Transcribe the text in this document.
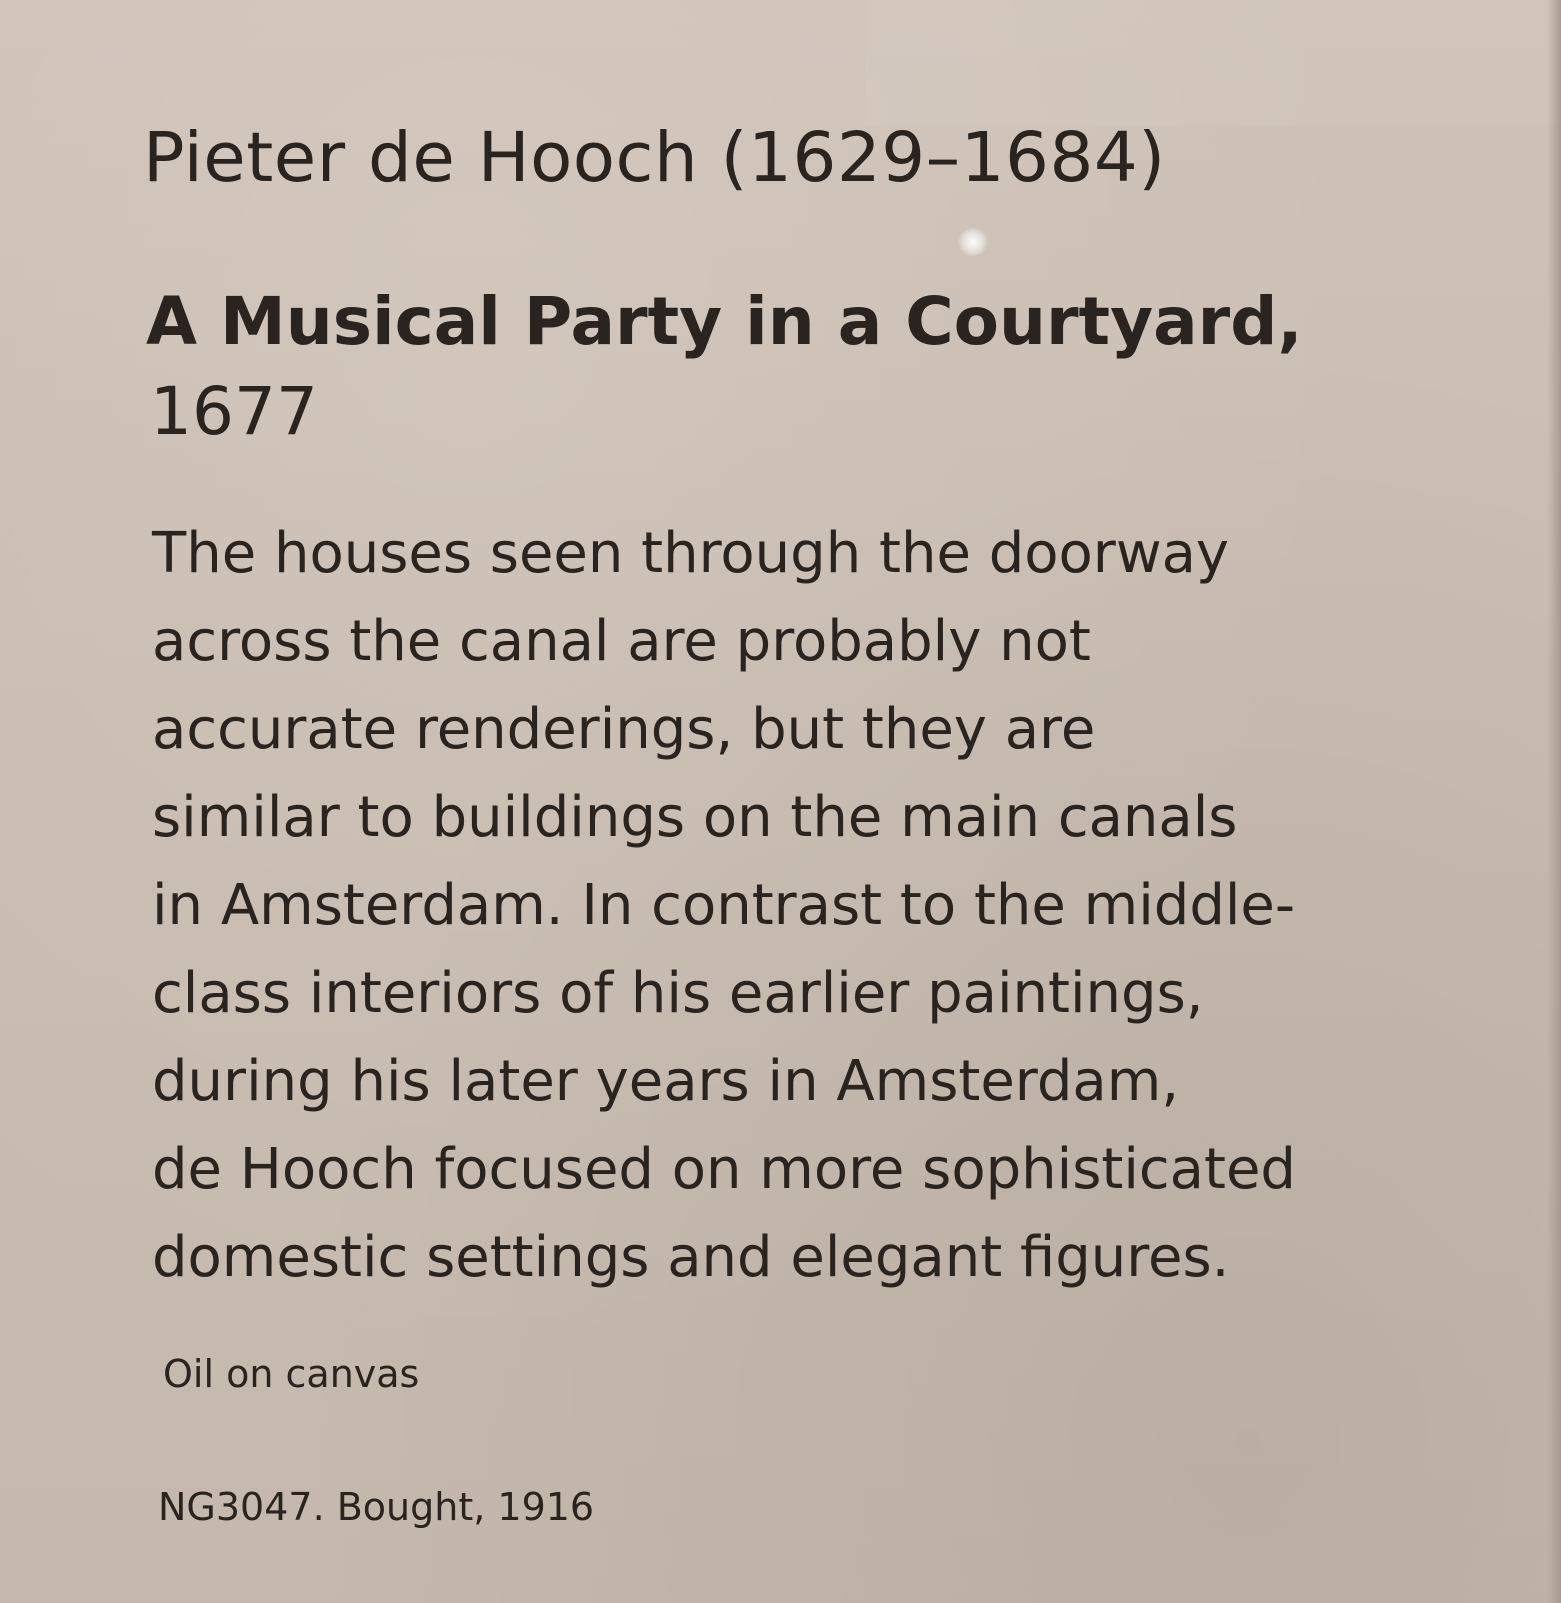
Pieter de Hooch (1629–1684)
A Musical Party in a Courtyard,
1677

The houses seen through the doorway
across the canal are probably not
accurate renderings, but they are
similar to buildings on the main canals
in Amsterdam. In contrast to the middle-
class interiors of his earlier paintings,
during his later years in Amsterdam,
de Hooch focused on more sophisticated
domestic settings and elegant figures.

Oil on canvas
NG3047. Bought, 1916
